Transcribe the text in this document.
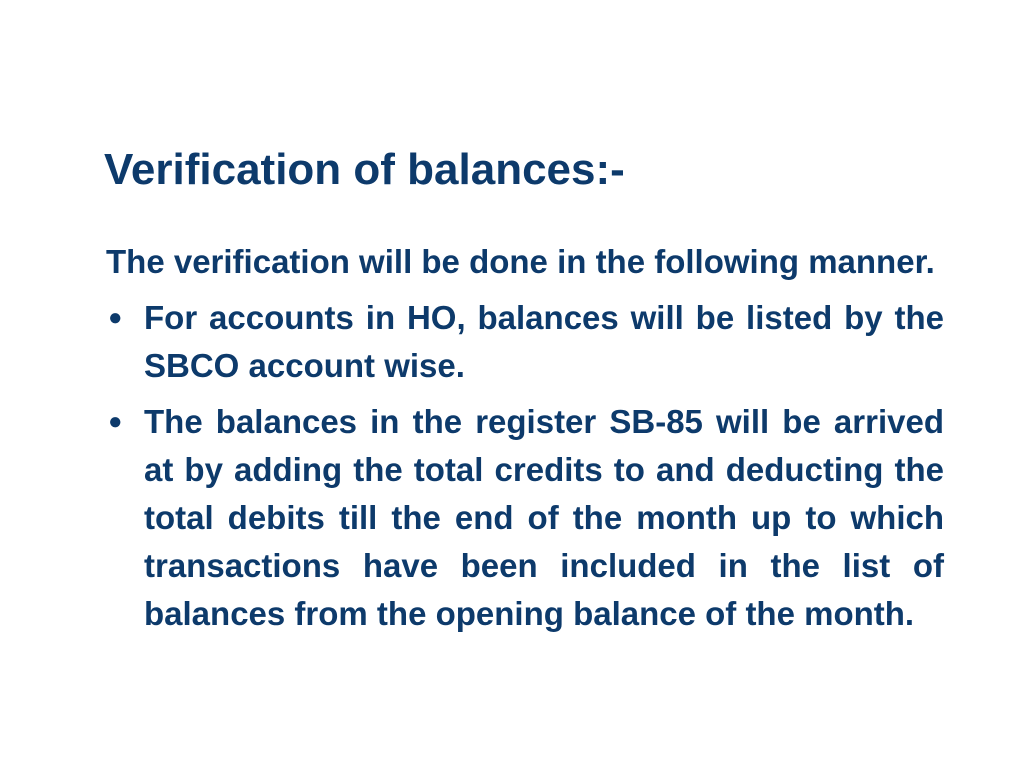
Verification of balances:-

The verification will be done in the following manner.

● For accounts in HO, balances will be listed by the SBCO account wise.
● The balances in the register SB-85 will be arrived at by adding the total credits to and deducting the total debits till the end of the month up to which transactions have been included in the list of balances from the opening balance of the month.
